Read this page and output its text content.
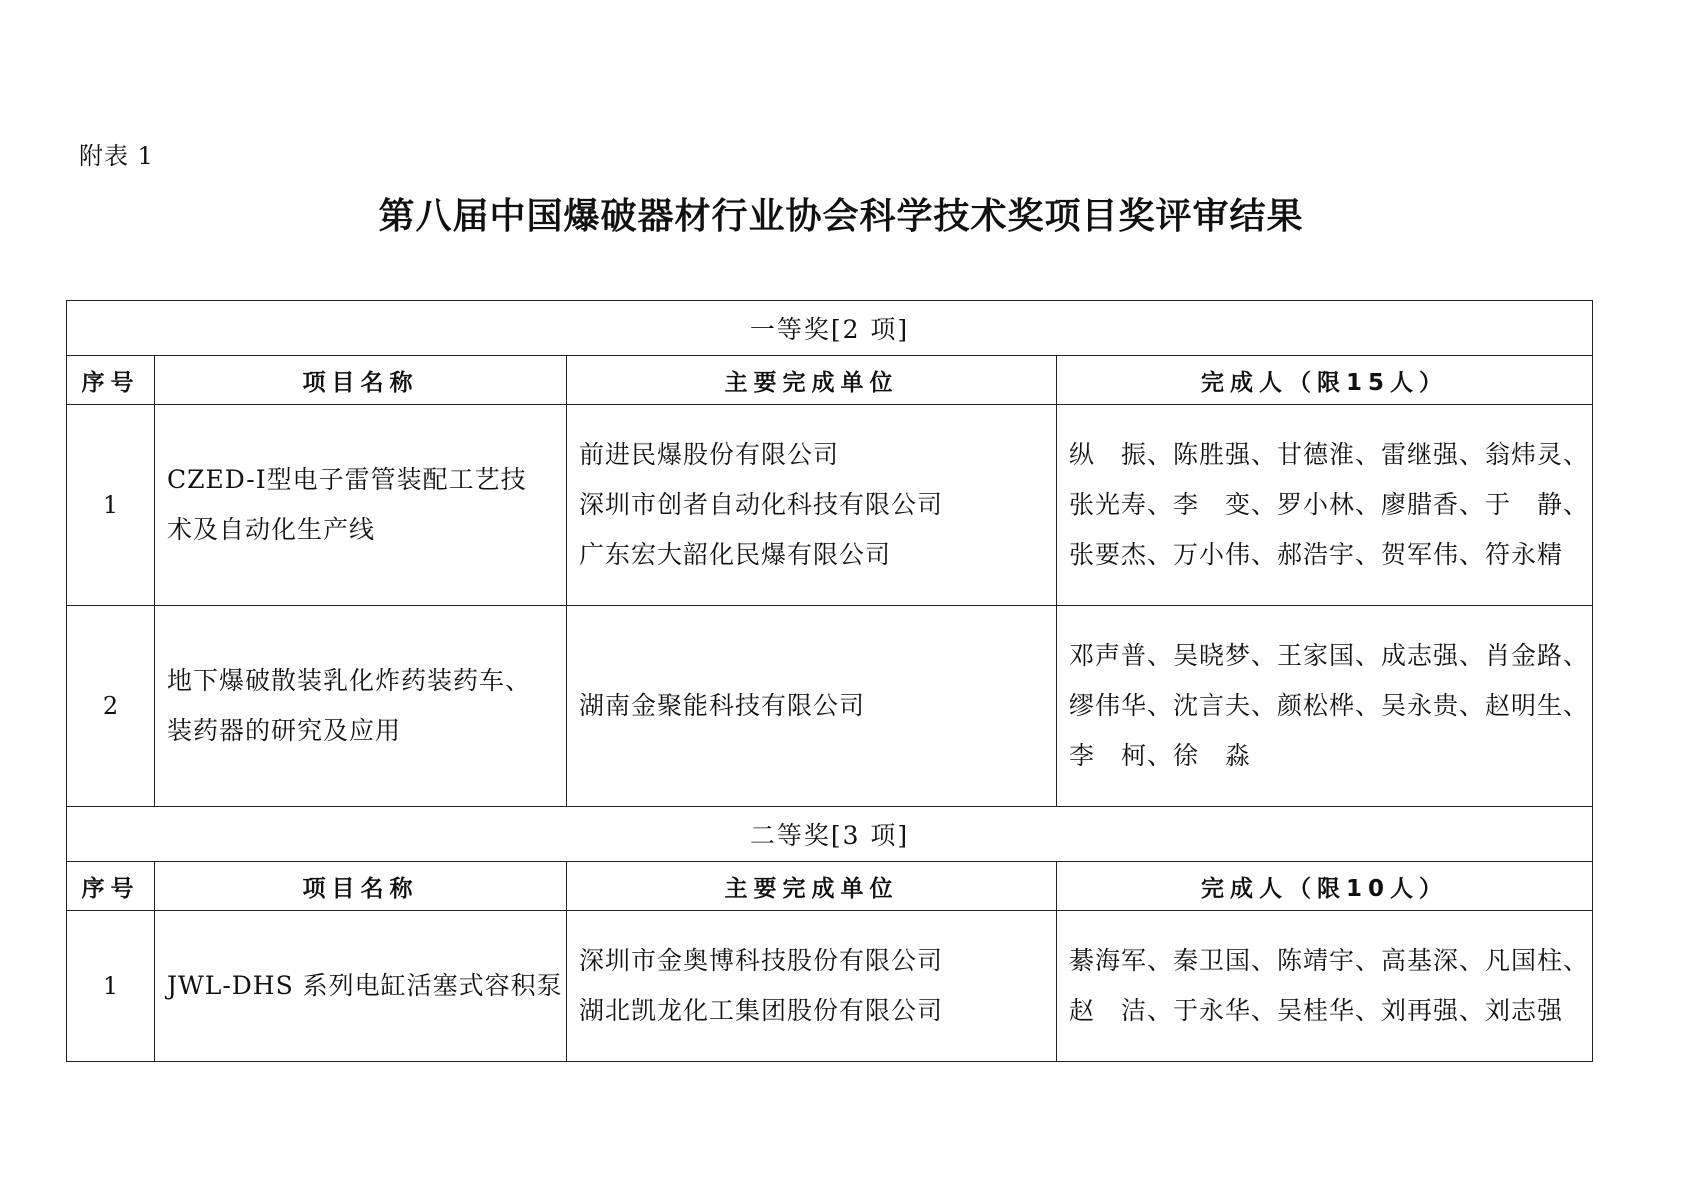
附表 1
第八届中国爆破器材行业协会科学技术奖项目奖评审结果
一等奖[2 项]			
序号	项目名称	主要完成单位	完成人（限15人）
1	CZED-Ⅰ型电子雷管装配工艺技
术及自动化生产线	前进民爆股份有限公司
深圳市创者自动化科技有限公司
广东宏大韶化民爆有限公司	纵　振、陈胜强、甘德淮、雷继强、翁炜灵、
张光寿、李　变、罗小林、廖腊香、于　静、
张要杰、万小伟、郝浩宇、贺军伟、符永精

2	地下爆破散装乳化炸药装药车、
装药器的研究及应用	湖南金聚能科技有限公司	邓声普、吴晓梦、王家国、成志强、肖金路、
缪伟华、沈言夫、颜松桦、吴永贵、赵明生、
李　柯、徐　淼

二等奖[3 项]			
序号	项目名称	主要完成单位	完成人（限10人）
1	JWL-DHS 系列电缸活塞式容积泵	深圳市金奥博科技股份有限公司
湖北凯龙化工集团股份有限公司	綦海军、秦卫国、陈靖宇、高基深、凡国柱、
赵　洁、于永华、吴桂华、刘再强、刘志强
